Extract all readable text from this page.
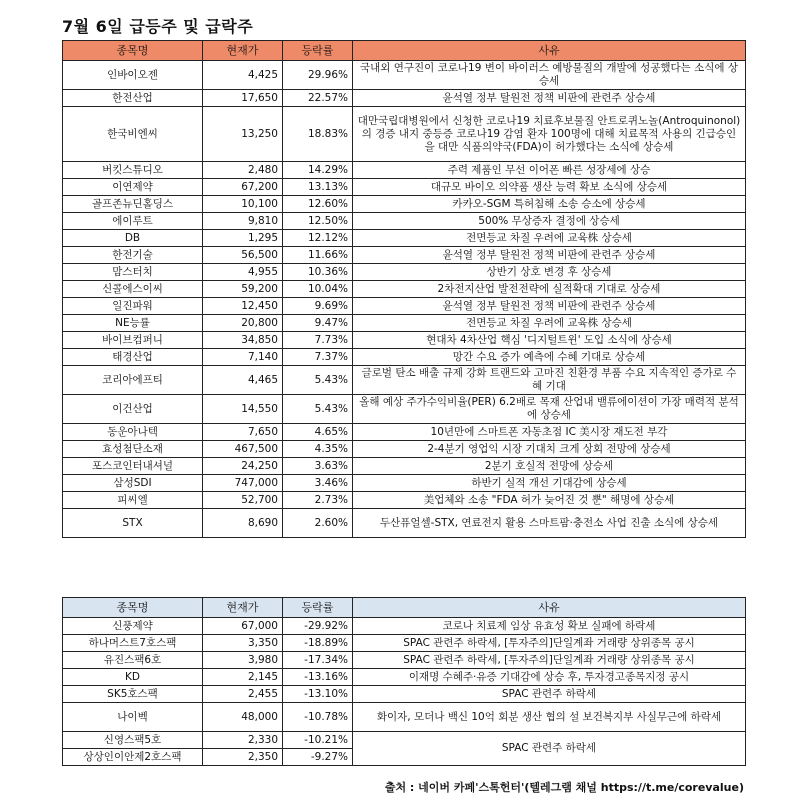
7월 6일 급등주 및 급락주
종목명	현재가	등락률	사유
인바이오젠	4,425	29.96%	국내외 연구진이 코로나19 변이 바이러스 예방물질의 개발에 성공했다는 소식에 상승세
한전산업	17,650	22.57%	윤석열 정부 탈원전 정책 비판에 관련주 상승세
한국비엔씨	13,250	18.83%	대만국립대병원에서 신청한 코로나19 치료후보물질 안트로퀴노놀(Antroquinonol)의 경증 내지 중등증 코로나19 감염 환자 100명에 대해 치료목적 사용의 긴급승인을 대만 식품의약국(FDA)이 허가했다는 소식에 상승세
버킷스튜디오	2,480	14.29%	주력 제품인 무선 이어폰 빠른 성장세에 상승
이연제약	67,200	13.13%	대규모 바이오 의약품 생산 능력 확보 소식에 상승세
골프존뉴딘홀딩스	10,100	12.60%	카카오-SGM 특허침해 소송 승소에 상승세
에이루트	9,810	12.50%	500% 무상증자 결정에 상승세
DB	1,295	12.12%	전면등교 차질 우려에 교육株 상승세
한전기술	56,500	11.66%	윤석열 정부 탈원전 정책 비판에 관련주 상승세
맘스터치	4,955	10.36%	상반기 상호 변경 후 상승세
신콜에스이씨	59,200	10.04%	2차전지산업 발전전략에 실적확대 기대로 상승세
일진파워	12,450	9.69%	윤석열 정부 탈원전 정책 비판에 관련주 상승세
NE능률	20,800	9.47%	전면등교 차질 우려에 교육株 상승세
바이브컴퍼니	34,850	7.73%	현대차 4차산업 핵심 '디지털트윈' 도입 소식에 상승세
태경산업	7,140	7.37%	망간 수요 증가 예측에 수혜 기대로 상승세
코리아에프티	4,465	5.43%	글로벌 탄소 배출 규제 강화 트랜드와 고마진 친환경 부품 수요 지속적인 증가로 수혜 기대
이건산업	14,550	5.43%	올해 예상 주가수익비율(PER) 6.2배로 목재 산업내 밸류에이션이 가장 매력적 분석에 상승세
동운아나텍	7,650	4.65%	10년만에 스마트폰 자동초점 IC 美시장 재도전 부각
효성첨단소재	467,500	4.35%	2-4분기 영업익 시장 기대치 크게 상회 전망에 상승세
포스코인터내셔널	24,250	3.63%	2분기 호실적 전망에 상승세
삼성SDI	747,000	3.46%	하반기 실적 개선 기대감에 상승세
피씨엘	52,700	2.73%	美업체와 소송 "FDA 허가 늦어진 것 뿐" 해명에 상승세
STX	8,690	2.60%	두산퓨얼셀-STX, 연료전지 활용 스마트팜·충전소 사업 진출 소식에 상승세
종목명	현재가	등락률	사유
신풍제약	67,000	-29.92%	코로나 치료제 임상 유효성 확보 실패에 하락세
하나머스트7호스팩	3,350	-18.89%	SPAC 관련주 하락세, [투자주의]단일계좌 거래량 상위종목 공시
유진스팩6호	3,980	-17.34%	SPAC 관련주 하락세, [투자주의]단일계좌 거래량 상위종목 공시
KD	2,145	-13.16%	이재명 수혜주·유증 기대감에 상승 후, 투자경고종목지정 공시
SK5호스팩	2,455	-13.10%	SPAC 관련주 하락세
나이벡	48,000	-10.78%	화이자, 모더나 백신 10억 회분 생산 협의 설 보건복지부 사실무근에 하락세
신영스팩5호	2,330	-10.21%	SPAC 관련주 하락세
상상인이안제2호스팩	2,350	-9.27%	
출처 : 네이버 카페'스톡헌터'(텔레그램 채널 https://t.me/corevalue)
